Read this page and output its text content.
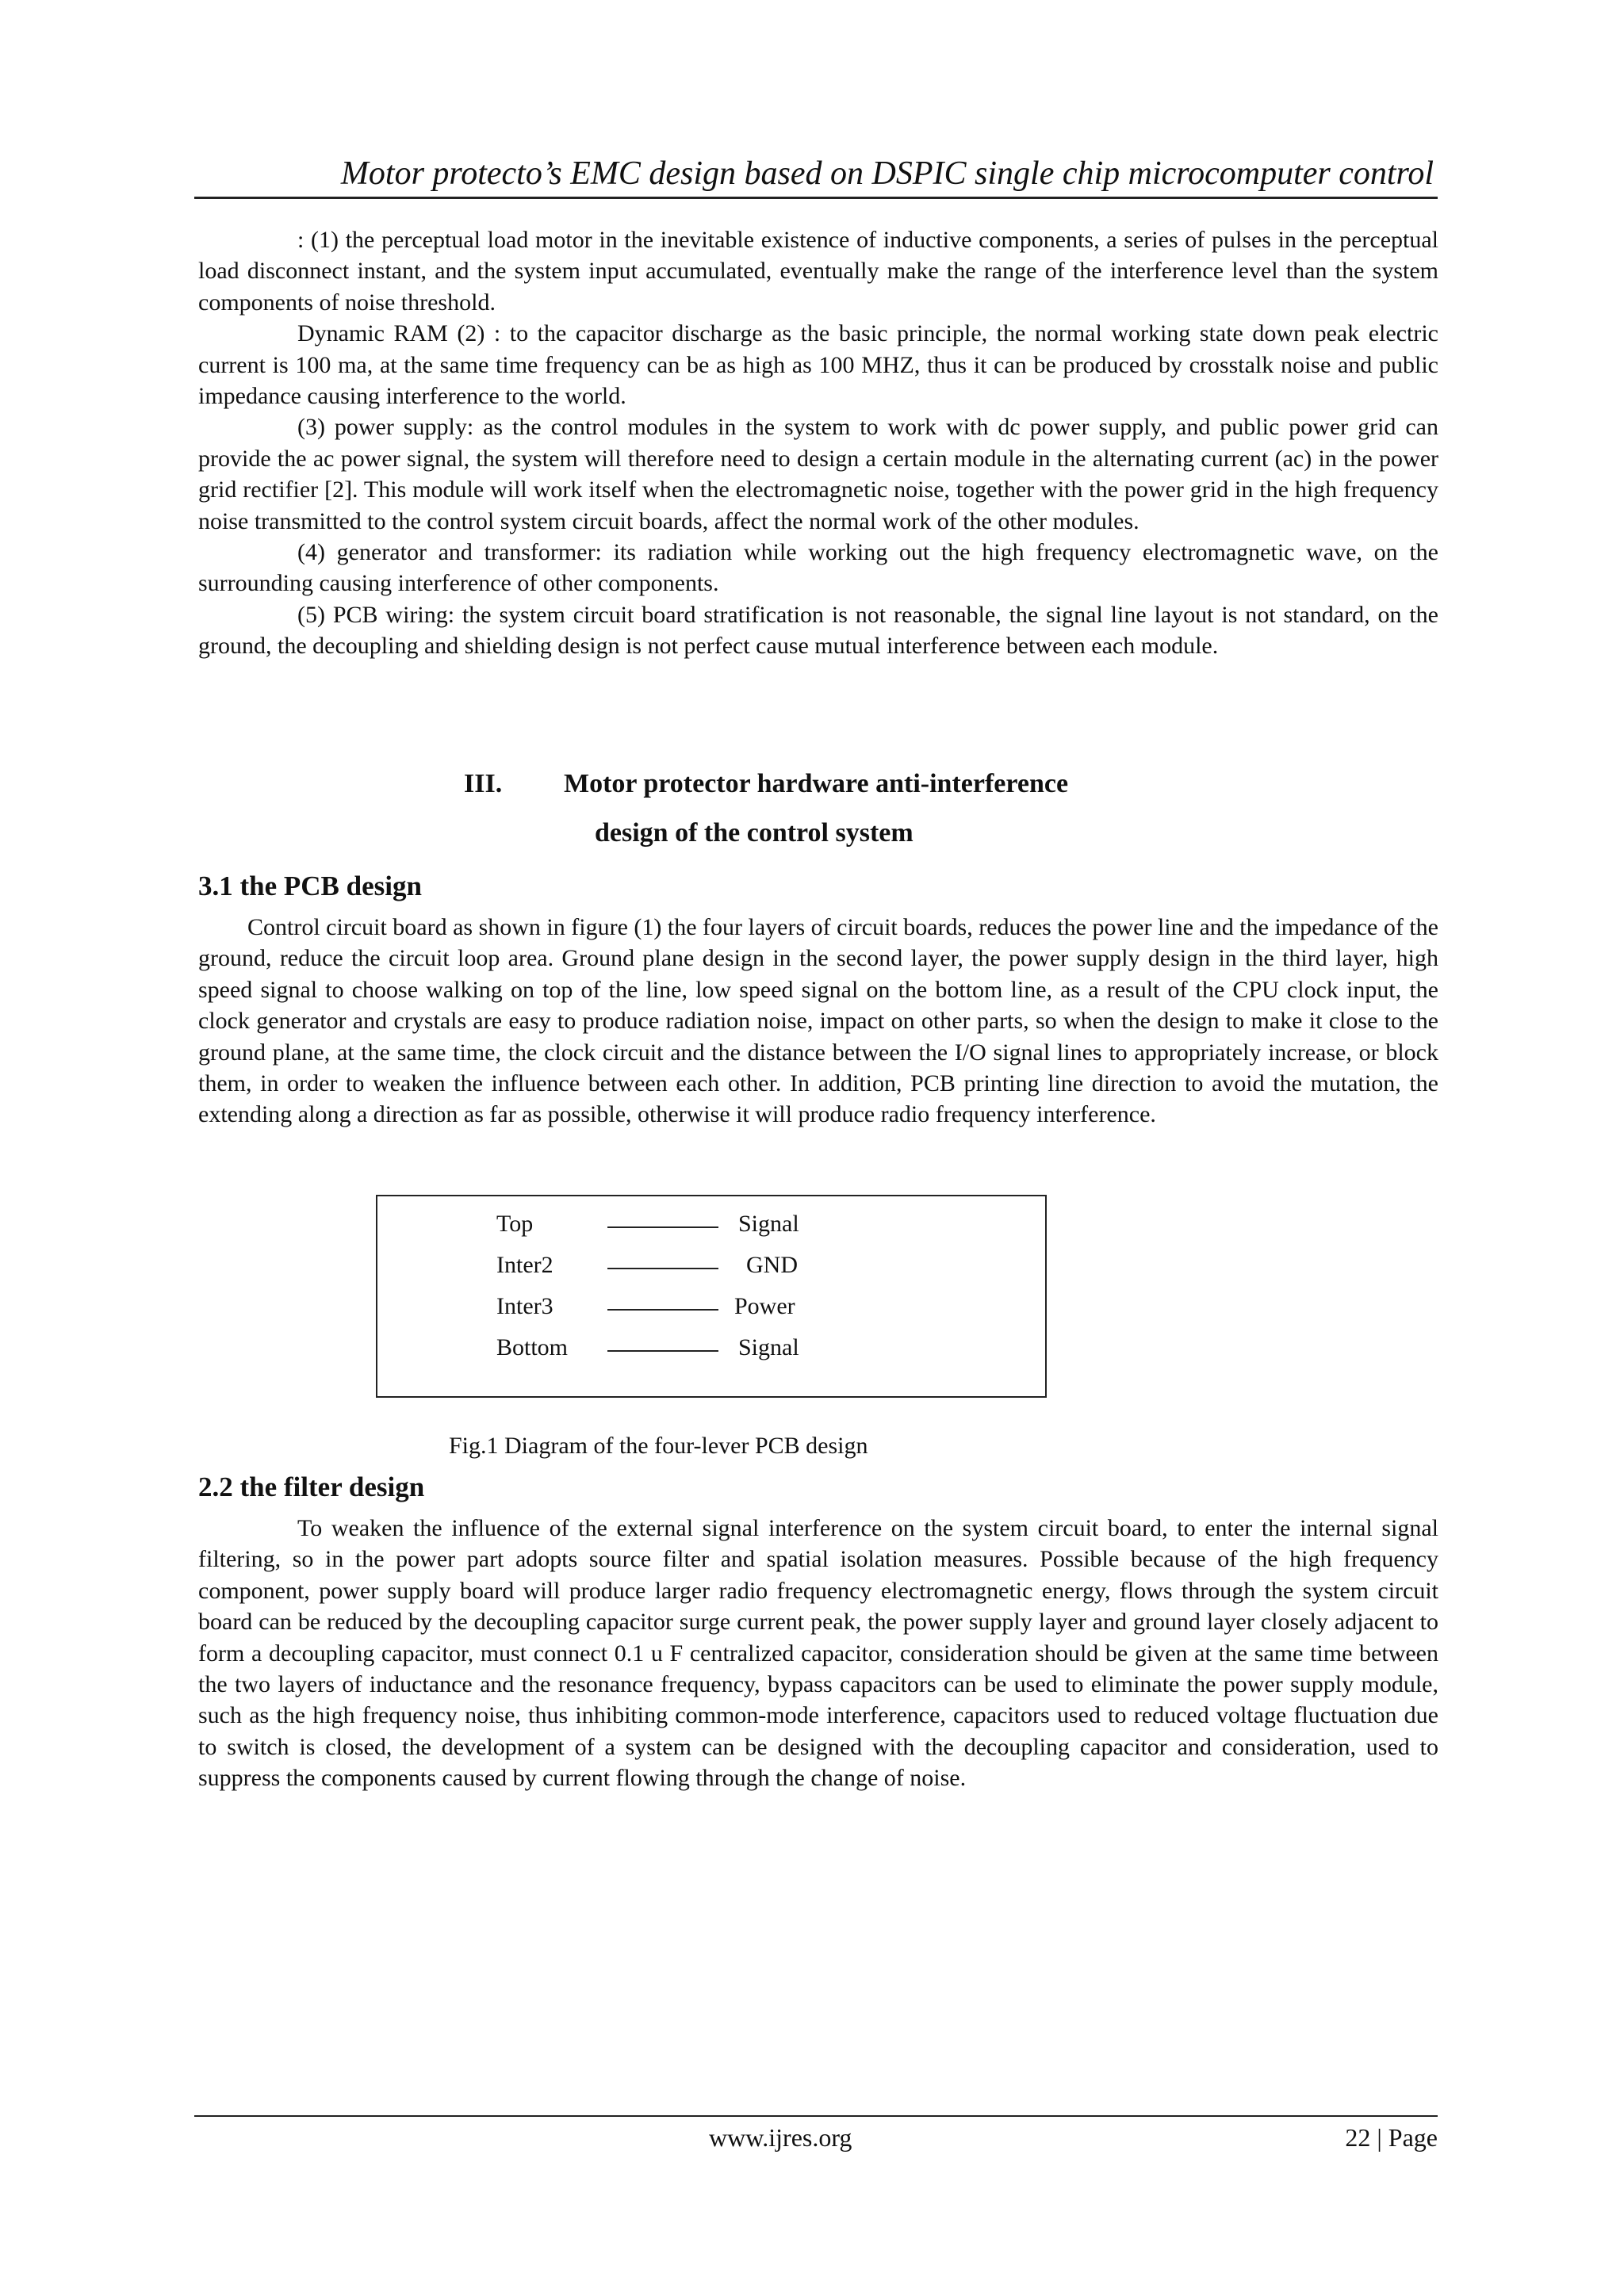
Motor protecto’s EMC design based on DSPIC single chip microcomputer control

: (1) the perceptual load motor in the inevitable existence of inductive components, a series of pulses in the perceptual load disconnect instant, and the system input accumulated, eventually make the range of the interference level than the system components of noise threshold.

Dynamic RAM (2) : to the capacitor discharge as the basic principle, the normal working state down peak electric current is 100 ma, at the same time frequency can be as high as 100 MHZ, thus it can be produced by crosstalk noise and public impedance causing interference to the world.

(3) power supply: as the control modules in the system to work with dc power supply, and public power grid can provide the ac power signal, the system will therefore need to design a certain module in the alternating current (ac) in the power grid rectifier [2]. This module will work itself when the electromagnetic noise, together with the power grid in the high frequency noise transmitted to the control system circuit boards, affect the normal work of the other modules.

(4) generator and transformer: its radiation while working out the high frequency electromagnetic wave, on the surrounding causing interference of other components.

(5) PCB wiring: the system circuit board stratification is not reasonable, the signal line layout is not standard, on the ground, the decoupling and shielding design is not perfect cause mutual interference between each module.

III. Motor protector hardware anti-interference
design of the control system
3.1 the PCB design

Control circuit board as shown in figure (1) the four layers of circuit boards, reduces the power line and the impedance of the ground, reduce the circuit loop area. Ground plane design in the second layer, the power supply design in the third layer, high speed signal to choose walking on top of the line, low speed signal on the bottom line, as a result of the CPU clock input, the clock generator and crystals are easy to produce radiation noise, impact on other parts, so when the design to make it close to the ground plane, at the same time, the clock circuit and the distance between the I/O signal lines to appropriately increase, or block them, in order to weaken the influence between each other. In addition, PCB printing line direction to avoid the mutation, the extending along a direction as far as possible, otherwise it will produce radio frequency interference.

Top	Signal
Inter2	GND
Inter3	Power
Bottom	Signal
Fig.1 Diagram of the four-lever PCB design
2.2 the filter design

To weaken the influence of the external signal interference on the system circuit board, to enter the internal signal filtering, so in the power part adopts source filter and spatial isolation measures. Possible because of the high frequency component, power supply board will produce larger radio frequency electromagnetic energy, flows through the system circuit board can be reduced by the decoupling capacitor surge current peak, the power supply layer and ground layer closely adjacent to form a decoupling capacitor, must connect 0.1 u F centralized capacitor, consideration should be given at the same time between the two layers of inductance and the resonance frequency, bypass capacitors can be used to eliminate the power supply module, such as the high frequency noise, thus inhibiting common-mode interference, capacitors used to reduced voltage fluctuation due to switch is closed, the development of a system can be designed with the decoupling capacitor and consideration, used to suppress the components caused by current flowing through the change of noise.

www.ijres.org	22 | Page
